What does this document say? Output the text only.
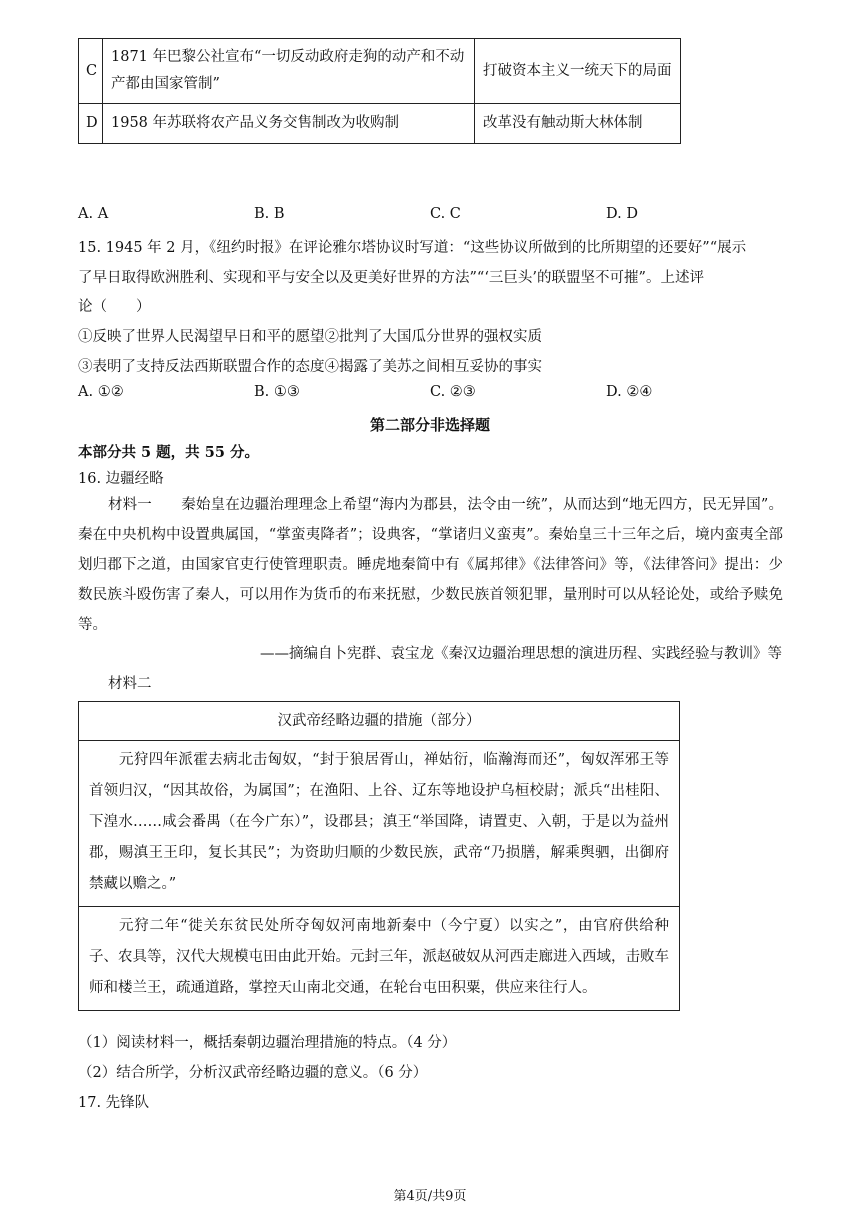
C	1871 年巴黎公社宣布“一切反动政府走狗的动产和不动产都由国家管制”	打破资本主义一统天下的局面
D	1958 年苏联将农产品义务交售制改为收购制	改革没有触动斯大林体制
A. A	B. B	C. C	D. D
15. 1945 年 2 月，《纽约时报》在评论雅尔塔协议时写道：“这些协议所做到的比所期望的还要好”“展示
了早日取得欧洲胜利、实现和平与安全以及更美好世界的方法”“‘三巨头’的联盟坚不可摧”。上述评
论（　　）
①反映了世界人民渴望早日和平的愿望②批判了大国瓜分世界的强权实质
③表明了支持反法西斯联盟合作的态度④揭露了美苏之间相互妥协的事实
A. ①②	B. ①③	C. ②③	D. ②④
第二部分非选择题
本部分共 5 题，共 55 分。
16. 边疆经略
材料一　　秦始皇在边疆治理理念上希望“海内为郡县，法令由一统”，从而达到“地无四方，民无异国”。秦在中央机构中设置典属国，“掌蛮夷降者”；设典客，“掌诸归义蛮夷”。秦始皇三十三年之后，境内蛮夷全部划归郡下之道，由国家官吏行使管理职责。睡虎地秦简中有《属邦律》《法律答问》等，《法律答问》提出：少数民族斗殴伤害了秦人，可以用作为货币的布来抚慰，少数民族首领犯罪，量刑时可以从轻论处，或给予赎免等。
——摘编自卜宪群、袁宝龙《秦汉边疆治理思想的演进历程、实践经验与教训》等
材料二
汉武帝经略边疆的措施（部分）
元狩四年派霍去病北击匈奴，“封于狼居胥山，禅姑衍，临瀚海而还”，匈奴浑邪王等首领归汉，“因其故俗，为属国”；在渔阳、上谷、辽东等地设护乌桓校尉；派兵“出桂阳、下湟水……咸会番禺（在今广东）”，设郡县；滇王“举国降，请置吏、入朝，于是以为益州郡，赐滇王王印，复长其民”；为资助归顺的少数民族，武帝“乃损膳，解乘舆驷，出御府禁藏以赡之。”
元狩二年“徙关东贫民处所夺匈奴河南地新秦中（今宁夏）以实之”，由官府供给种子、农具等，汉代大规模屯田由此开始。元封三年，派赵破奴从河西走廊进入西域，击败车师和楼兰王，疏通道路，掌控天山南北交通，在轮台屯田积粟，供应来往行人。
（1）阅读材料一，概括秦朝边疆治理措施的特点。（4 分）
（2）结合所学，分析汉武帝经略边疆的意义。（6 分）
17. 先锋队
第4页/共9页
